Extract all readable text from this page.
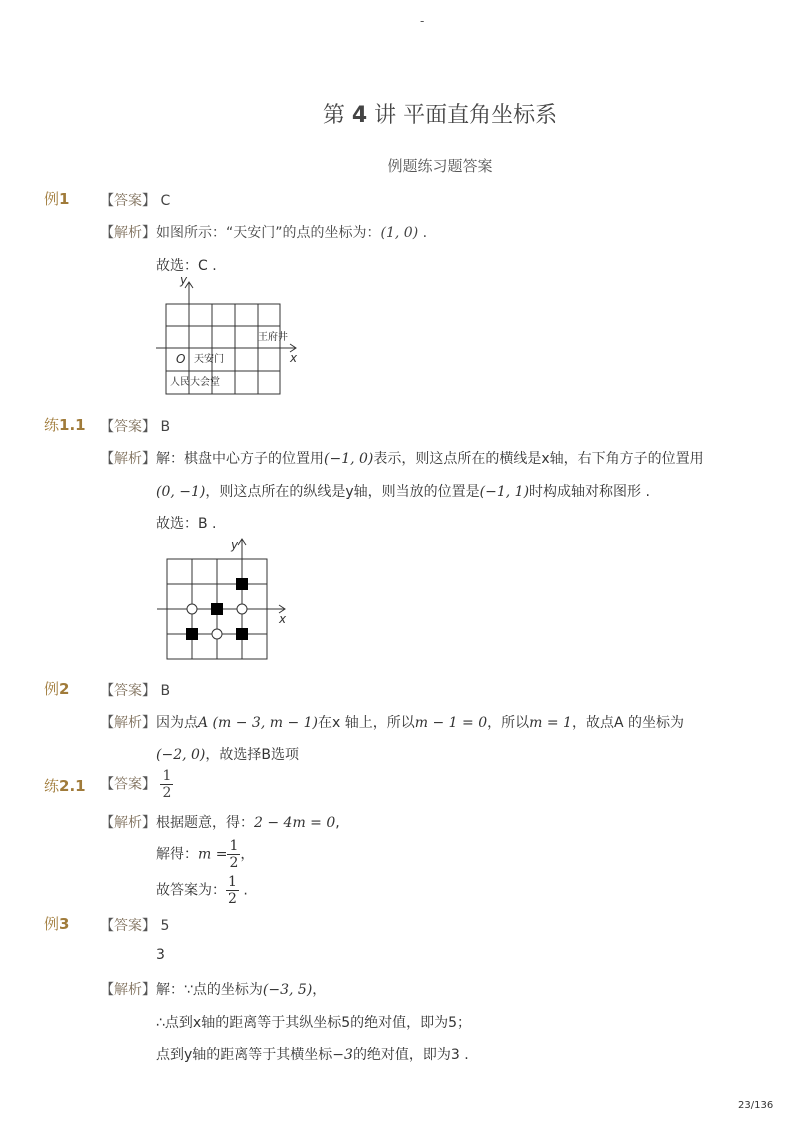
-
第 4 讲 平面直角坐标系
例题练习题答案
例1 【答案】 C
【解析】如图所示：“天安门”的点的坐标为：(1, 0) .
故选：C .
y
x
O
王府井
天安门
人民大会堂
练1.1 【答案】 B
【解析】解：棋盘中心方子的位置用(−1, 0)表示，则这点所在的横线是x轴，右下角方子的位置用
(0, −1)，则这点所在的纵线是y轴，则当放的位置是(−1, 1)时构成轴对称图形 .
故选：B .
y
x
例2 【答案】 B
【解析】因为点A (m − 3, m − 1)在x 轴上，所以m − 1 = 0，所以m = 1，故点A 的坐标为
(−2, 0)，故选择B选项
练2.1 【答案】 $\frac{1}{2}$
【解析】根据题意，得：2 − 4m = 0,
解得：$m = \frac{1}{2}$ ，
故答案为： $\frac{1}{2}$ .
例3 【答案】 5
3
【解析】解：∵点的坐标为(−3, 5)，
∴点到x轴的距离等于其纵坐标5的绝对值，即为5；
点到y轴的距离等于其横坐标−3的绝对值，即为3 .
23/136
